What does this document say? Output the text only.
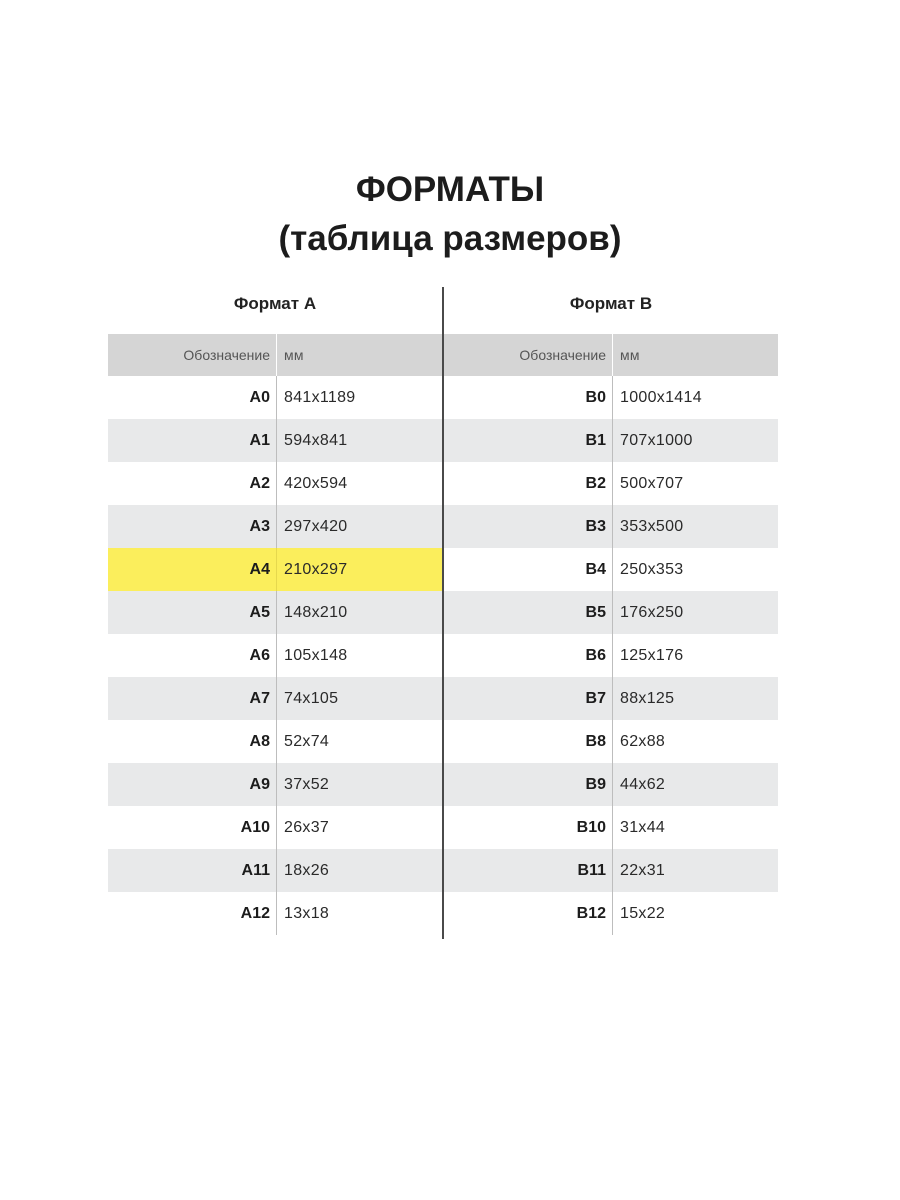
ФОРМАТЫ
(таблица размеров)
Формат А
Обозначение мм
A0 841x1189
A1 594x841
A2 420x594
A3 297x420
A4 210x297
A5 148x210
A6 105x148
A7 74x105
A8 52x74
A9 37x52
A10 26x37
A11 18x26
A12 13x18
Формат В
Обозначение мм
B0 1000x1414
B1 707x1000
B2 500x707
B3 353x500
B4 250x353
B5 176x250
B6 125x176
B7 88x125
B8 62x88
B9 44x62
B10 31x44
B11 22x31
B12 15x22
